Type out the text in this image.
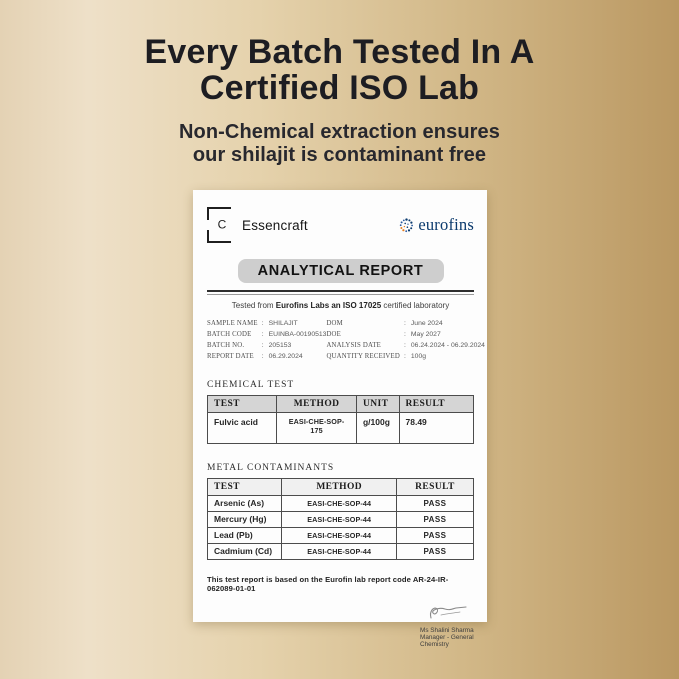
Every Batch Tested In A
Certified ISO Lab
Non-Chemical extraction ensures
our shilajit is contaminant free
C Essencraft	eurofins
ANALYTICAL REPORT
Tested from Eurofins Labs an ISO 17025 certified laboratory
SAMPLE NAME	:	SHILAJIT
BATCH CODE	:	EUINBA-00190513
BATCH NO.	:	205153
REPORT DATE	:	06.29.2024
DOM	:	June 2024
DOE	:	May 2027
ANALYSIS DATE	:	06.24.2024 - 06.29.2024
QUANTITY RECEIVED	:	100g
CHEMICAL TEST
TEST	METHOD	UNIT	RESULT
Fulvic acid	EASI-CHE-SOP-175	g/100g	78.49
METAL CONTAMINANTS
TEST	METHOD	RESULT
Arsenic (As)	EASI-CHE-SOP-44	PASS
Mercury (Hg)	EASI-CHE-SOP-44	PASS
Lead (Pb)	EASI-CHE-SOP-44	PASS
Cadmium (Cd)	EASI-CHE-SOP-44	PASS
This test report is based on the Eurofin lab report code AR-24-IR-062089-01-01
Ms Shalini Sharma
Manager - General Chemistry
